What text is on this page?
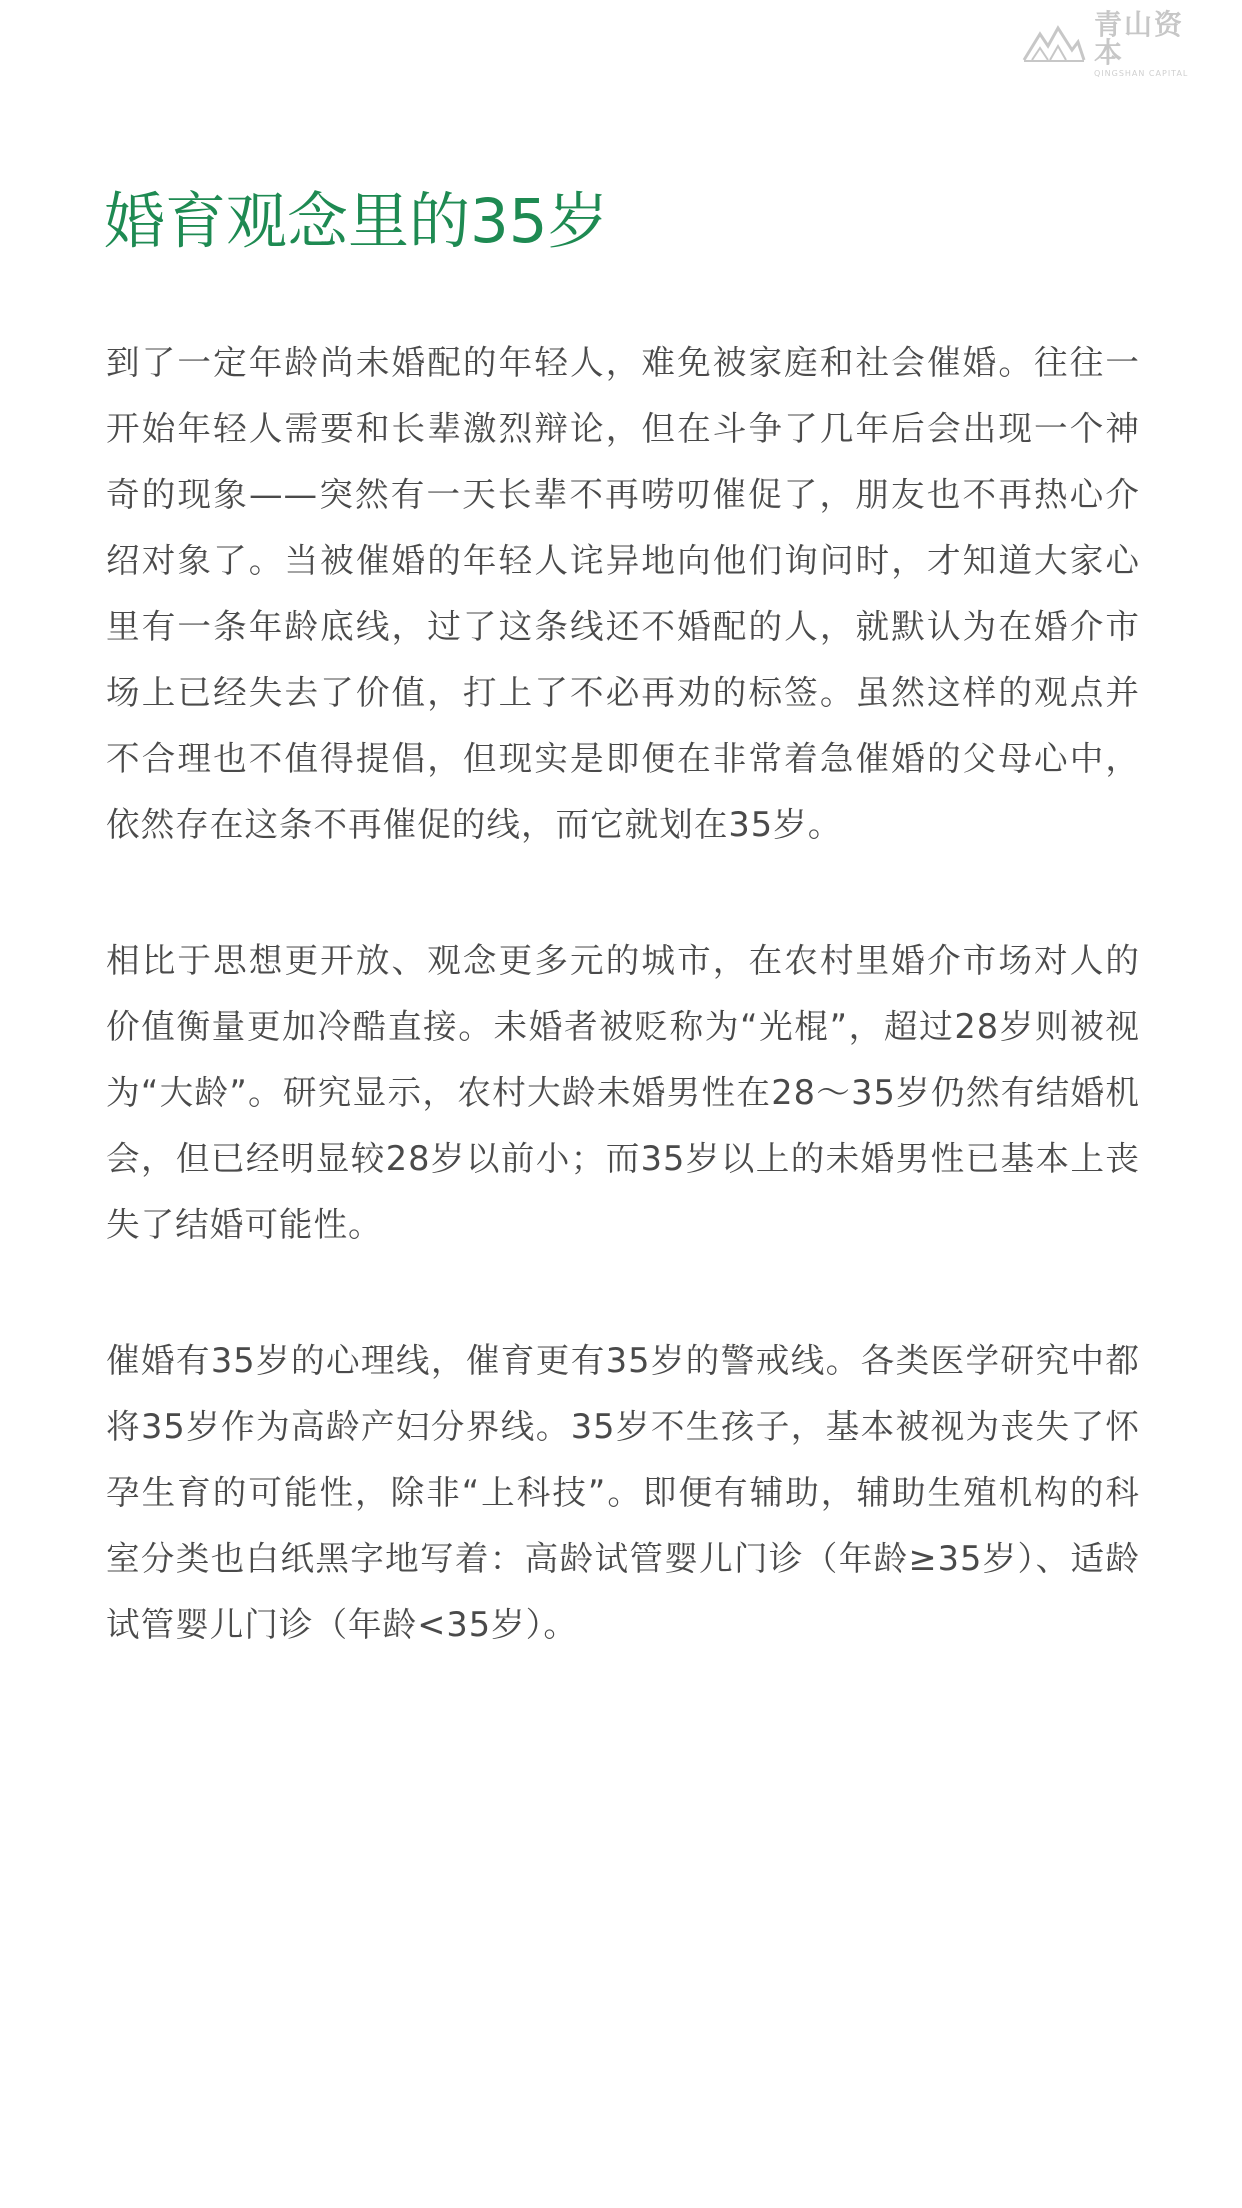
青山资本
QINGSHAN CAPITAL
婚育观念里的35岁

到了一定年龄尚未婚配的年轻人，难免被家庭和社会催婚。往往一开始年轻人需要和长辈激烈辩论，但在斗争了几年后会出现一个神奇的现象——突然有一天长辈不再唠叨催促了，朋友也不再热心介绍对象了。当被催婚的年轻人诧异地向他们询问时，才知道大家心里有一条年龄底线，过了这条线还不婚配的人，就默认为在婚介市场上已经失去了价值，打上了不必再劝的标签。虽然这样的观点并不合理也不值得提倡，但现实是即便在非常着急催婚的父母心中，依然存在这条不再催促的线，而它就划在35岁。

相比于思想更开放、观念更多元的城市，在农村里婚介市场对人的价值衡量更加冷酷直接。未婚者被贬称为“光棍”，超过28岁则被视为“大龄”。研究显示，农村大龄未婚男性在28～35岁仍然有结婚机会，但已经明显较28岁以前小；而35岁以上的未婚男性已基本上丧失了结婚可能性。

催婚有35岁的心理线，催育更有35岁的警戒线。各类医学研究中都将35岁作为高龄产妇分界线。35岁不生孩子，基本被视为丧失了怀孕生育的可能性，除非“上科技”。即便有辅助，辅助生殖机构的科室分类也白纸黑字地写着：高龄试管婴儿门诊（年龄≥35岁）、适龄试管婴儿门诊（年龄<35岁）。
